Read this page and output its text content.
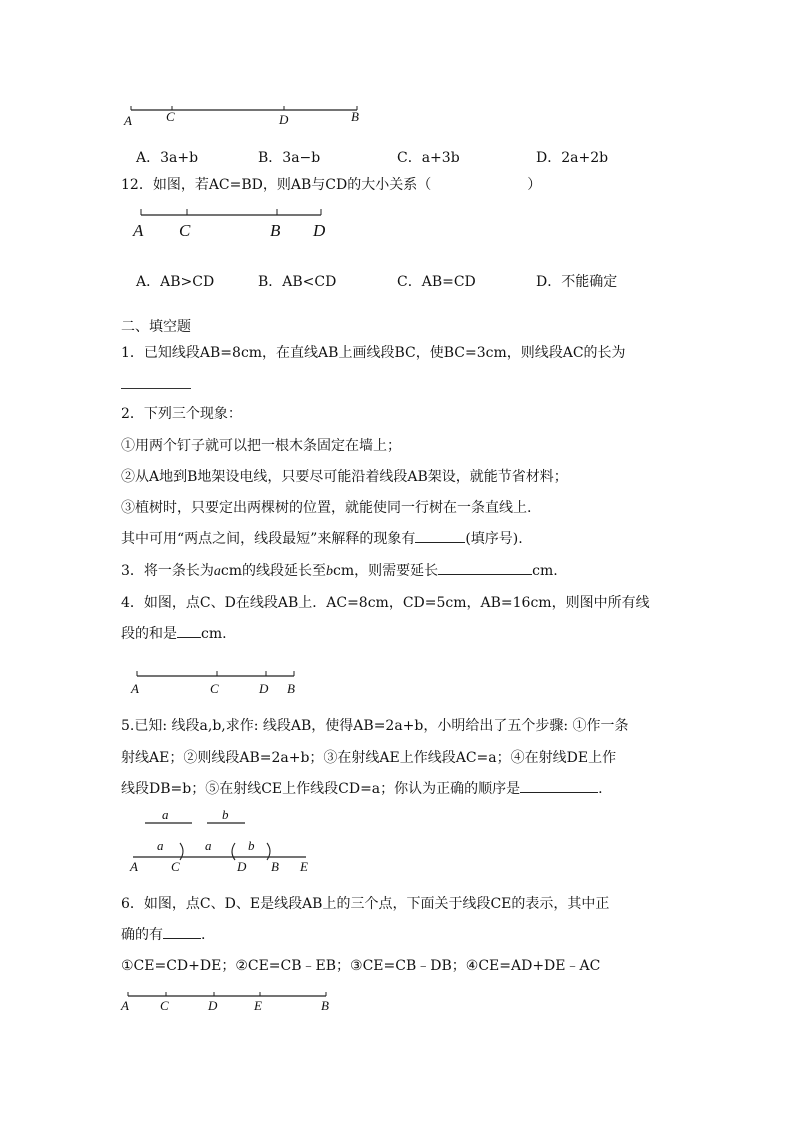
A	C	D	B
A．3a+b	B．3a−b	C．a+3b	D．2a+2b
12．如图，若AC=BD，则AB与CD的大小关系（	）
A C	B D
A．AB>CD	B．AB<CD	C．AB=CD	D．不能确定
二、填空题
1．已知线段AB=8cm，在直线AB上画线段BC，使BC=3cm，则线段AC的长为
2．下列三个现象：
①用两个钉子就可以把一根木条固定在墙上；
②从A地到B地架设电线，只要尽可能沿着线段AB架设，就能节省材料；
③植树时，只要定出两棵树的位置，就能使同一行树在一条直线上.
其中可用“两点之间，线段最短”来解释的现象有	(填序号).
3．将一条长为acm的线段延长至bcm，则需要延长	cm.
4．如图，点C、D在线段AB上．AC=8cm，CD=5cm，AB=16cm，则图中所有线
段的和是 cm.
A	C	D B
5.已知: 线段a,b,求作: 线段AB，使得AB=2a+b，小明给出了五个步骤: ①作一条
射线AE；②则线段AB=2a+b；③在射线AE上作线段AC=a；④在射线DE上作
线段DB=b；⑤在射线CE上作线段CD=a；你认为正确的顺序是	.
a	b
a	a	b
A	C	D B E
6．如图，点C、D、E是线段AB上的三个点，下面关于线段CE的表示，其中正
确的有	.
①CE=CD+DE；②CE=CB﹣EB；③CE=CB﹣DB；④CE=AD+DE﹣AC
A C	D	E	B
